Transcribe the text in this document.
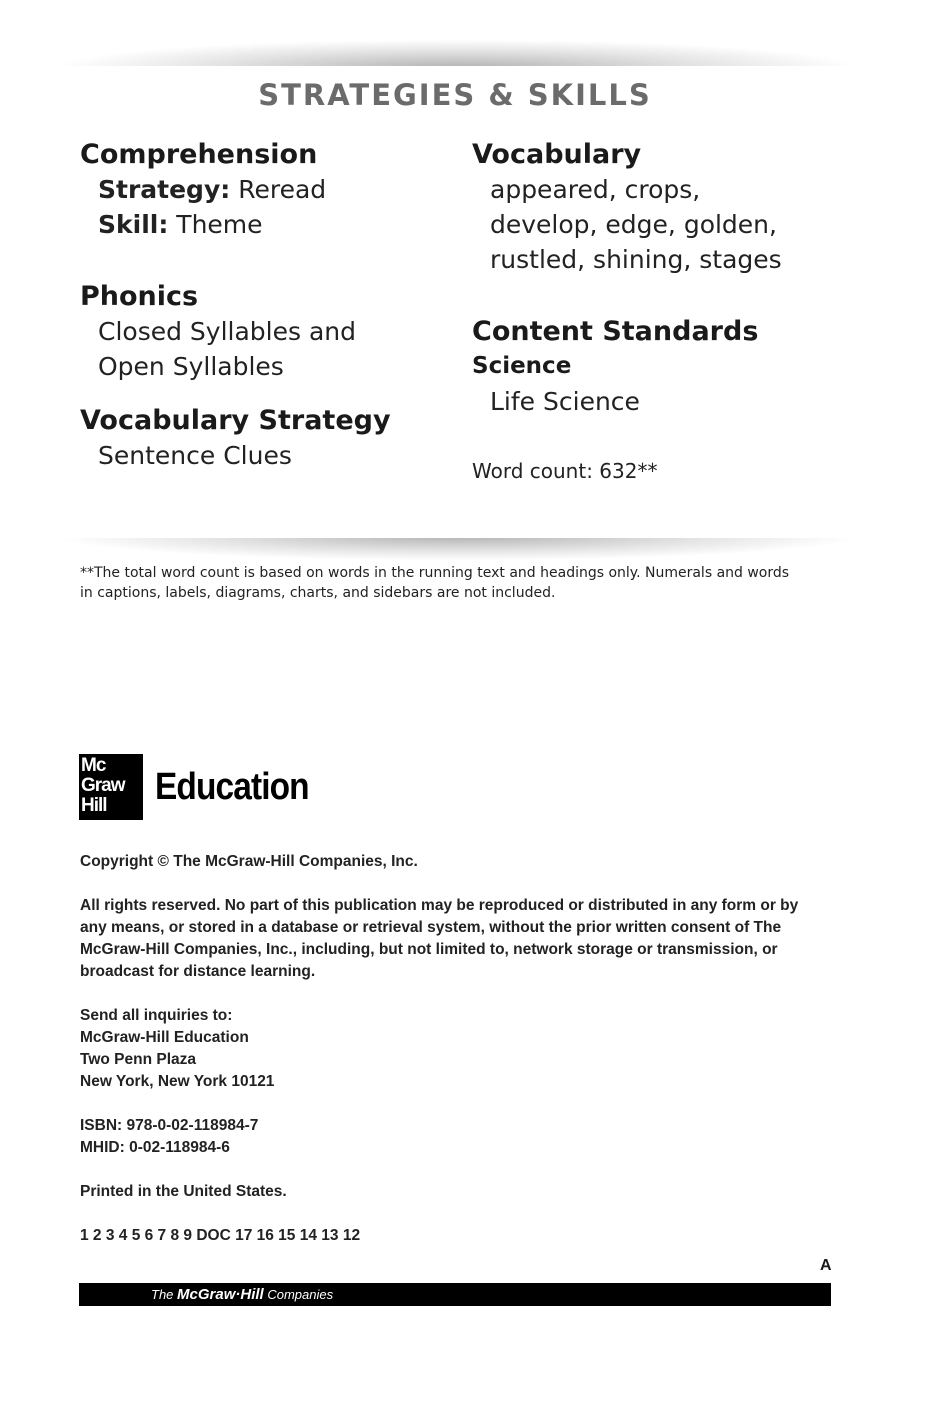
STRATEGIES & SKILLS

Comprehension

Strategy: Reread

Skill: Theme

Phonics

Closed Syllables and

Open Syllables

Vocabulary Strategy

Sentence Clues

Vocabulary

appeared, crops,

develop, edge, golden,

rustled, shining, stages

Content Standards

Science

Life Science

Word count: 632**

**The total word count is based on words in the running text and headings only. Numerals and words
in captions, labels, diagrams, charts, and sidebars are not included.
Mc
Graw
Hill	Education

Copyright © The McGraw-Hill Companies, Inc.

All rights reserved. No part of this publication may be reproduced or distributed in any form or by
any means, or stored in a database or retrieval system, without the prior written consent of The
McGraw-Hill Companies, Inc., including, but not limited to, network storage or transmission, or
broadcast for distance learning.

Send all inquiries to:
McGraw-Hill Education
Two Penn Plaza
New York, New York 10121

ISBN: 978-0-02-118984-7
MHID: 0-02-118984-6

Printed in the United States.

1 2 3 4 5 6 7 8 9 DOC 17 16 15 14 13 12

A
The McGraw·Hill Companies
